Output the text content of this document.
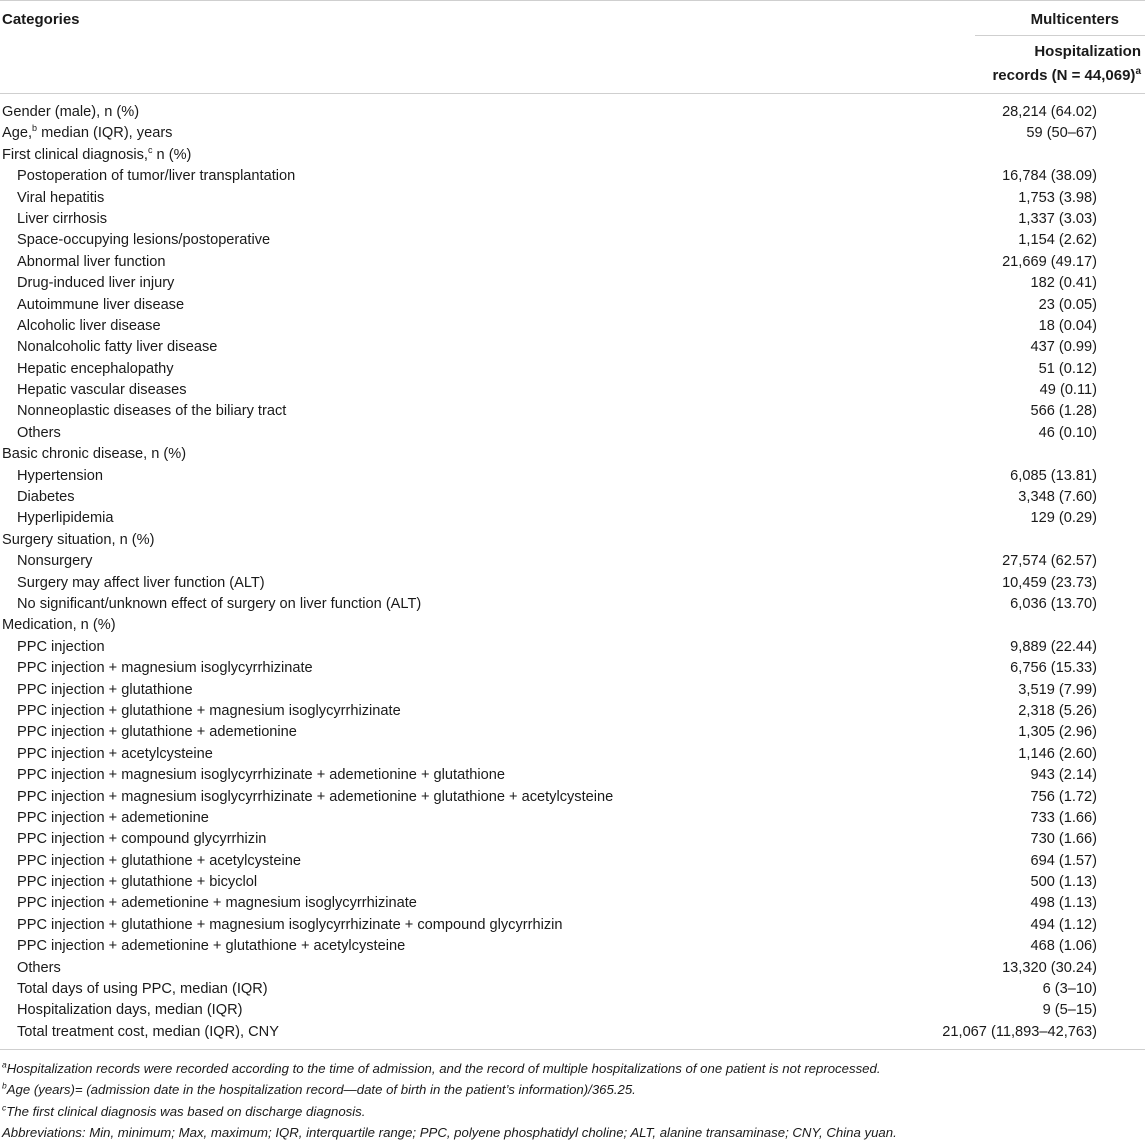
Categories	Multicenters
Hospitalization
records (N = 44,069)$^a$
Gender (male), n (%)	28,214 (64.02)
Age,$^b$ median (IQR), years	59 (50–67)
First clinical diagnosis,$^c$ n (%)
Postoperation of tumor/liver transplantation	16,784 (38.09)
Viral hepatitis	1,753 (3.98)
Liver cirrhosis	1,337 (3.03)
Space-occupying lesions/postoperative	1,154 (2.62)
Abnormal liver function	21,669 (49.17)
Drug-induced liver injury	182 (0.41)
Autoimmune liver disease	23 (0.05)
Alcoholic liver disease	18 (0.04)
Nonalcoholic fatty liver disease	437 (0.99)
Hepatic encephalopathy	51 (0.12)
Hepatic vascular diseases	49 (0.11)
Nonneoplastic diseases of the biliary tract	566 (1.28)
Others	46 (0.10)
Basic chronic disease, n (%)
Hypertension	6,085 (13.81)
Diabetes	3,348 (7.60)
Hyperlipidemia	129 (0.29)
Surgery situation, n (%)
Nonsurgery	27,574 (62.57)
Surgery may affect liver function (ALT)	10,459 (23.73)
No significant/unknown effect of surgery on liver function (ALT)	6,036 (13.70)
Medication, n (%)
PPC injection	9,889 (22.44)
PPC injection + magnesium isoglycyrrhizinate	6,756 (15.33)
PPC injection + glutathione	3,519 (7.99)
PPC injection + glutathione + magnesium isoglycyrrhizinate	2,318 (5.26)
PPC injection + glutathione + ademetionine	1,305 (2.96)
PPC injection + acetylcysteine	1,146 (2.60)
PPC injection + magnesium isoglycyrrhizinate + ademetionine + glutathione	943 (2.14)
PPC injection + magnesium isoglycyrrhizinate + ademetionine + glutathione + acetylcysteine	756 (1.72)
PPC injection + ademetionine	733 (1.66)
PPC injection + compound glycyrrhizin	730 (1.66)
PPC injection + glutathione + acetylcysteine	694 (1.57)
PPC injection + glutathione + bicyclol	500 (1.13)
PPC injection + ademetionine + magnesium isoglycyrrhizinate	498 (1.13)
PPC injection + glutathione + magnesium isoglycyrrhizinate + compound glycyrrhizin	494 (1.12)
PPC injection + ademetionine + glutathione + acetylcysteine	468 (1.06)
Others	13,320 (30.24)
Total days of using PPC, median (IQR)	6 (3–10)
Hospitalization days, median (IQR)	9 (5–15)
Total treatment cost, median (IQR), CNY	21,067 (11,893–42,763)
$^a$Hospitalization records were recorded according to the time of admission, and the record of multiple hospitalizations of one patient is not reprocessed.
$^b$Age (years)= (admission date in the hospitalization record—date of birth in the patient’s information)/365.25.
$^c$The first clinical diagnosis was based on discharge diagnosis.
Abbreviations: Min, minimum; Max, maximum; IQR, interquartile range; PPC, polyene phosphatidyl choline; ALT, alanine transaminase; CNY, China yuan.
